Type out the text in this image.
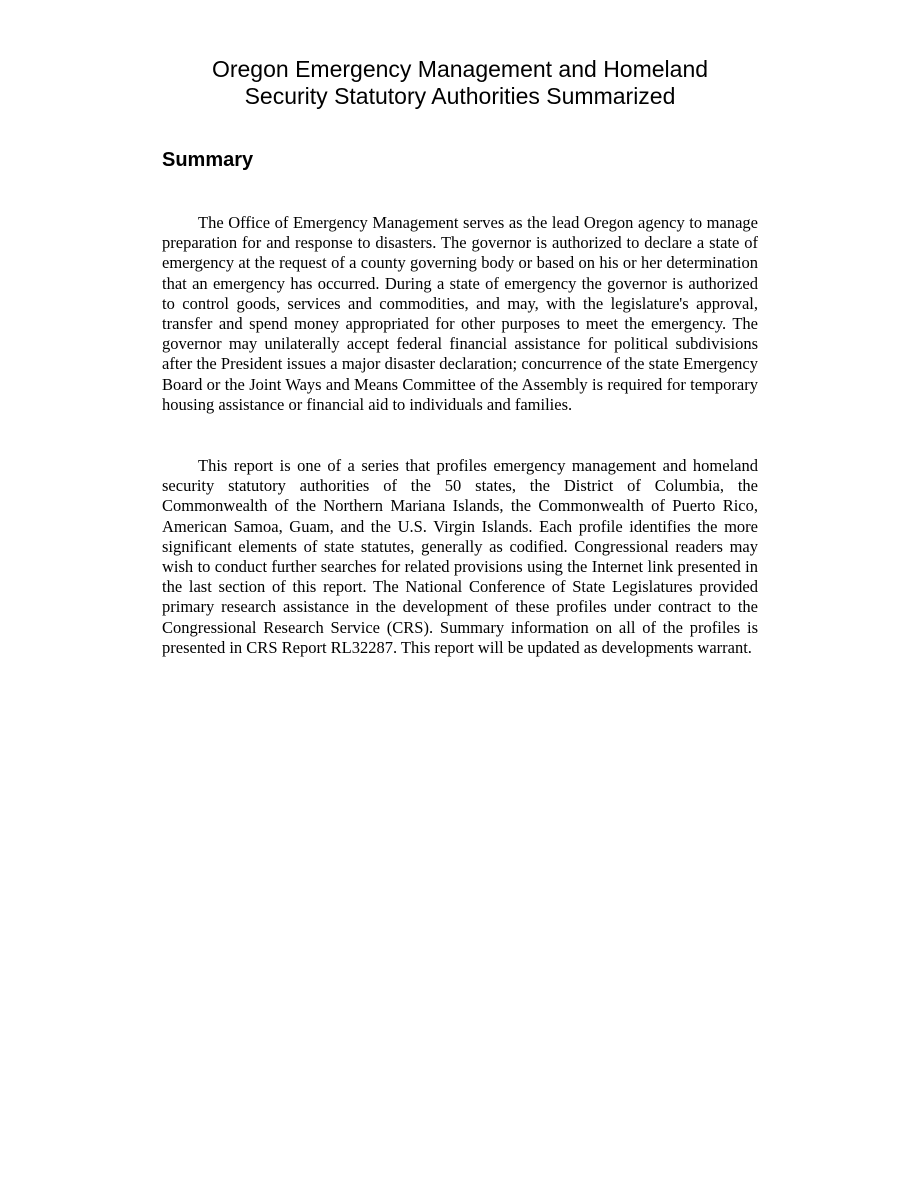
Oregon Emergency Management and Homeland
Security Statutory Authorities Summarized
Summary

The Office of Emergency Management serves as the lead Oregon agency to manage preparation for and response to disasters. The governor is authorized to declare a state of emergency at the request of a county governing body or based on his or her determination that an emergency has occurred. During a state of emergency the governor is authorized to control goods, services and commodities, and may, with the legislature's approval, transfer and spend money appropriated for other purposes to meet the emergency. The governor may unilaterally accept federal financial assistance for political subdivisions after the President issues a major disaster declaration; concurrence of the state Emergency Board or the Joint Ways and Means Committee of the Assembly is required for temporary housing assistance or financial aid to individuals and families.

This report is one of a series that profiles emergency management and homeland security statutory authorities of the 50 states, the District of Columbia, the Commonwealth of the Northern Mariana Islands, the Commonwealth of Puerto Rico, American Samoa, Guam, and the U.S. Virgin Islands. Each profile identifies the more significant elements of state statutes, generally as codified. Congressional readers may wish to conduct further searches for related provisions using the Internet link presented in the last section of this report. The National Conference of State Legislatures provided primary research assistance in the development of these profiles under contract to the Congressional Research Service (CRS). Summary information on all of the profiles is presented in CRS Report RL32287. This report will be updated as developments warrant.
